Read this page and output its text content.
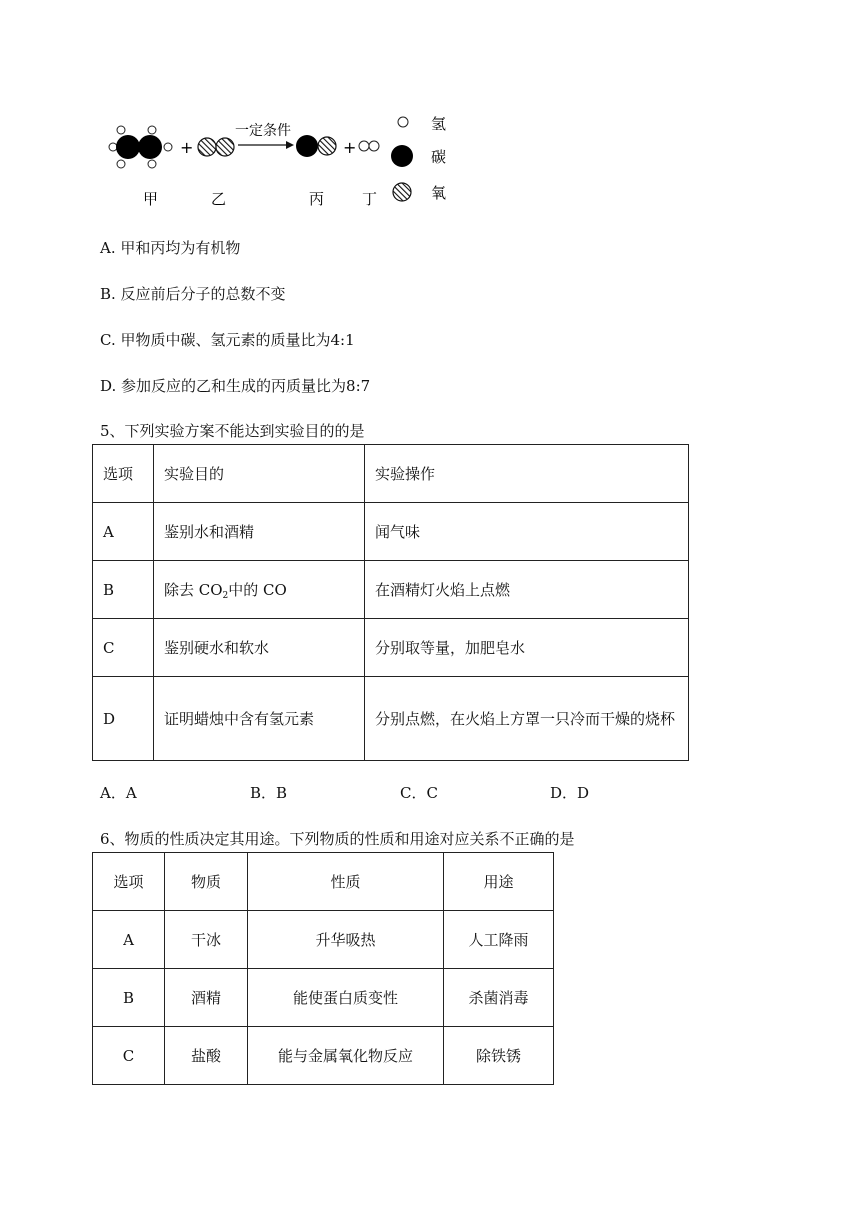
+
一定条件
+
氢
碳
氧
甲	乙	丙	丁
A. 甲和丙均为有机物
B. 反应前后分子的总数不变
C. 甲物质中碳、氢元素的质量比为4:1
D. 参加反应的乙和生成的丙质量比为8:7
5、下列实验方案不能达到实验目的的是
选项	实验目的	实验操作
A	鉴别水和酒精	闻气味
B	除去 $CO_2$中的 CO	在酒精灯火焰上点燃
C	鉴别硬水和软水	分别取等量，加肥皂水
D	证明蜡烛中含有氢元素	分别点燃，在火焰上方罩一只冷而干燥的烧杯
A．A	B．B	C．C	D．D
6、物质的性质决定其用途。下列物质的性质和用途对应关系不正确的是
选项	物质	性质	用途
A	干冰	升华吸热	人工降雨
B	酒精	能使蛋白质变性	杀菌消毒
C	盐酸	能与金属氧化物反应	除铁锈
